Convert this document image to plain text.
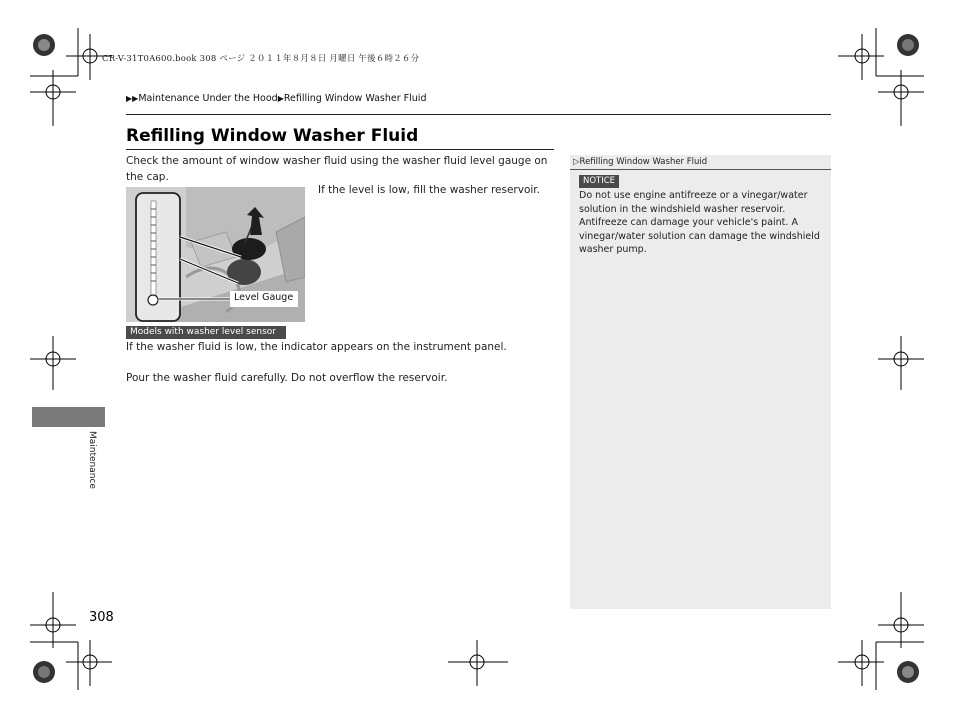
CR-V-31T0A600.book 308 ページ ２０１１年８月８日 月曜日 午後６時２６分
▶▶Maintenance Under the Hood▶Refilling Window Washer Fluid
Refilling Window Washer Fluid
Check the amount of window washer fluid using the washer fluid level gauge on the cap.
Level Gauge
If the level is low, fill the washer reservoir.
Models with washer level sensor
If the washer fluid is low, the indicator appears on the instrument panel.
Pour the washer fluid carefully. Do not overflow the reservoir.
▷Refilling Window Washer Fluid
NOTICE

Do not use engine antifreeze or a vinegar/water solution in the windshield washer reservoir.

Antifreeze can damage your vehicle's paint. A vinegar/water solution can damage the windshield washer pump.

Maintenance
308
